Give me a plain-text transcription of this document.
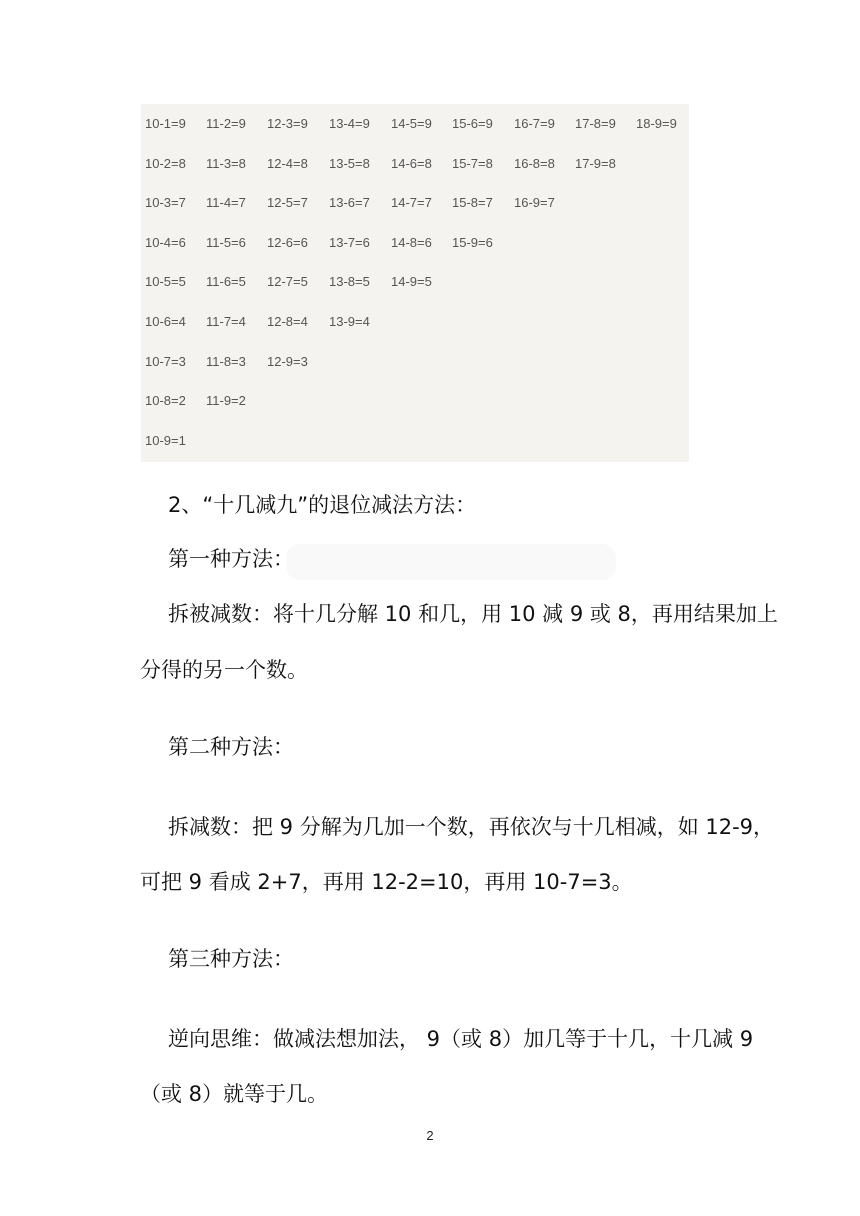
10-1=9
10-2=8
10-3=7
10-4=6
10-5=5
10-6=4
10-7=3
10-8=2
10-9=1
11-2=9
11-3=8
11-4=7
11-5=6
11-6=5
11-7=4
11-8=3
11-9=2
12-3=9
12-4=8
12-5=7
12-6=6
12-7=5
12-8=4
12-9=3
13-4=9
13-5=8
13-6=7
13-7=6
13-8=5
13-9=4
14-5=9
14-6=8
14-7=7
14-8=6
14-9=5
15-6=9
15-7=8
15-8=7
15-9=6
16-7=9
16-8=8
16-9=7
17-8=9
17-9=8
18-9=9

2、“十几减九”的退位减法方法：

第一种方法：

拆被减数：将十几分解 10 和几，用 10 减 9 或 8，再用结果加上

分得的另一个数。

第二种方法：

拆减数：把 9 分解为几加一个数，再依次与十几相减，如 12-9，

可把 9 看成 2+7，再用 12-2=10，再用 10-7=3。

第三种方法：

逆向思维：做减法想加法， 9（或 8）加几等于十几，十几减 9

（或 8）就等于几。

2
